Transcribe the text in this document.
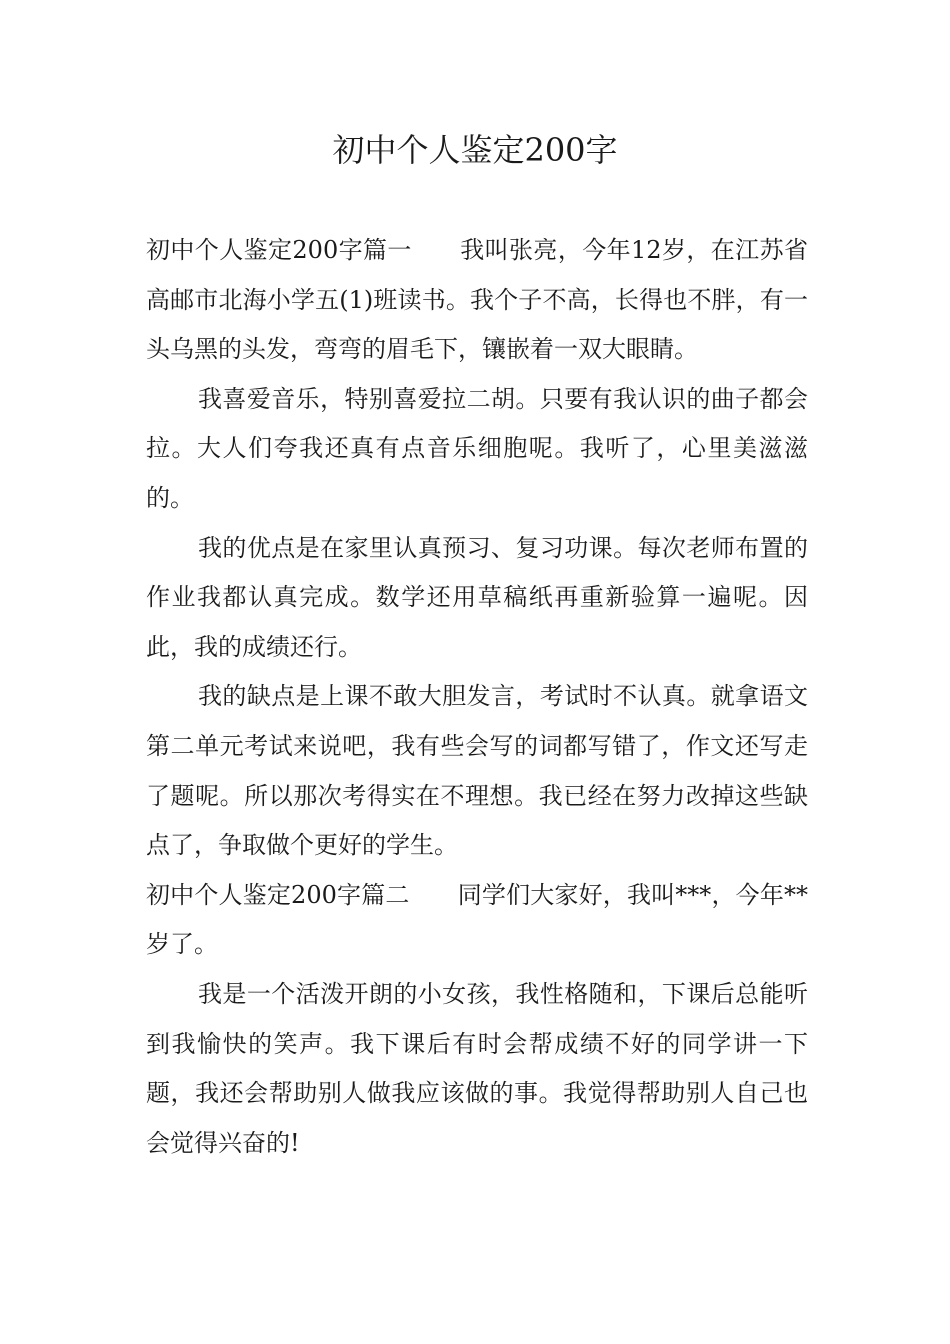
初中个人鉴定200字

初中个人鉴定200字篇一 我叫张亮，今年12岁，在江苏省高邮市北海小学五(1)班读书。我个子不高，长得也不胖，有一头乌黑的头发，弯弯的眉毛下，镶嵌着一双大眼睛。

我喜爱音乐，特别喜爱拉二胡。只要有我认识的曲子都会拉。大人们夸我还真有点音乐细胞呢。我听了，心里美滋滋的。

我的优点是在家里认真预习、复习功课。每次老师布置的作业我都认真完成。数学还用草稿纸再重新验算一遍呢。因此，我的成绩还行。

我的缺点是上课不敢大胆发言，考试时不认真。就拿语文第二单元考试来说吧，我有些会写的词都写错了，作文还写走了题呢。所以那次考得实在不理想。我已经在努力改掉这些缺点了，争取做个更好的学生。

初中个人鉴定200字篇二 同学们大家好，我叫***，今年**岁了。

我是一个活泼开朗的小女孩，我性格随和，下课后总能听到我愉快的笑声。我下课后有时会帮成绩不好的同学讲一下题，我还会帮助别人做我应该做的事。我觉得帮助别人自己也会觉得兴奋的!
